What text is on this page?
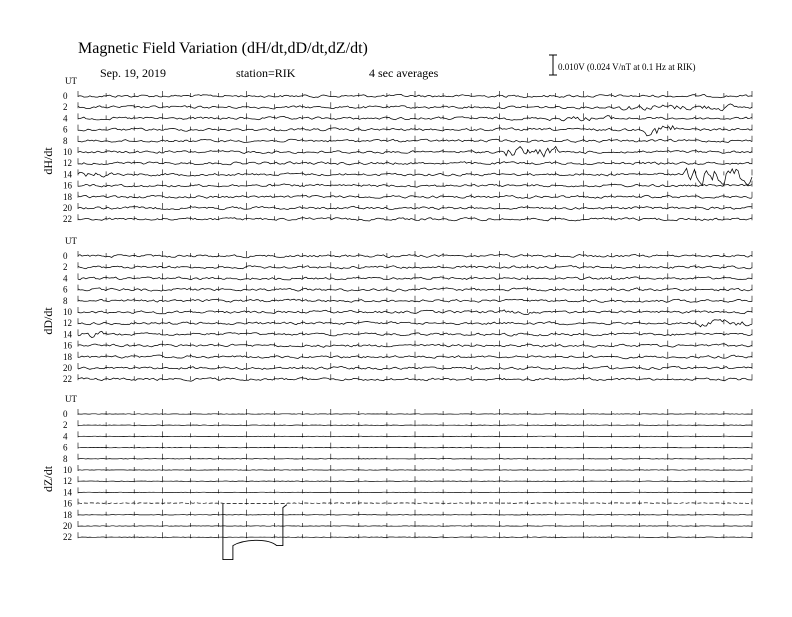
Magnetic Field Variation (dH/dt,dD/dt,dZ/dt)
Sep. 19, 2019	station=RIK	4 sec averages	0.010V (0.024 V/nT at 0.1 Hz at RIK)
UT
dH/dt
0
2
4
6
8
10
12
14
16
18
20
22
UT
dD/dt
0
2
4
6
8
10
12
14
16
18
20
22
UT
dZ/dt
0
2
4
6
8
10
12
14
16
18
20
22
